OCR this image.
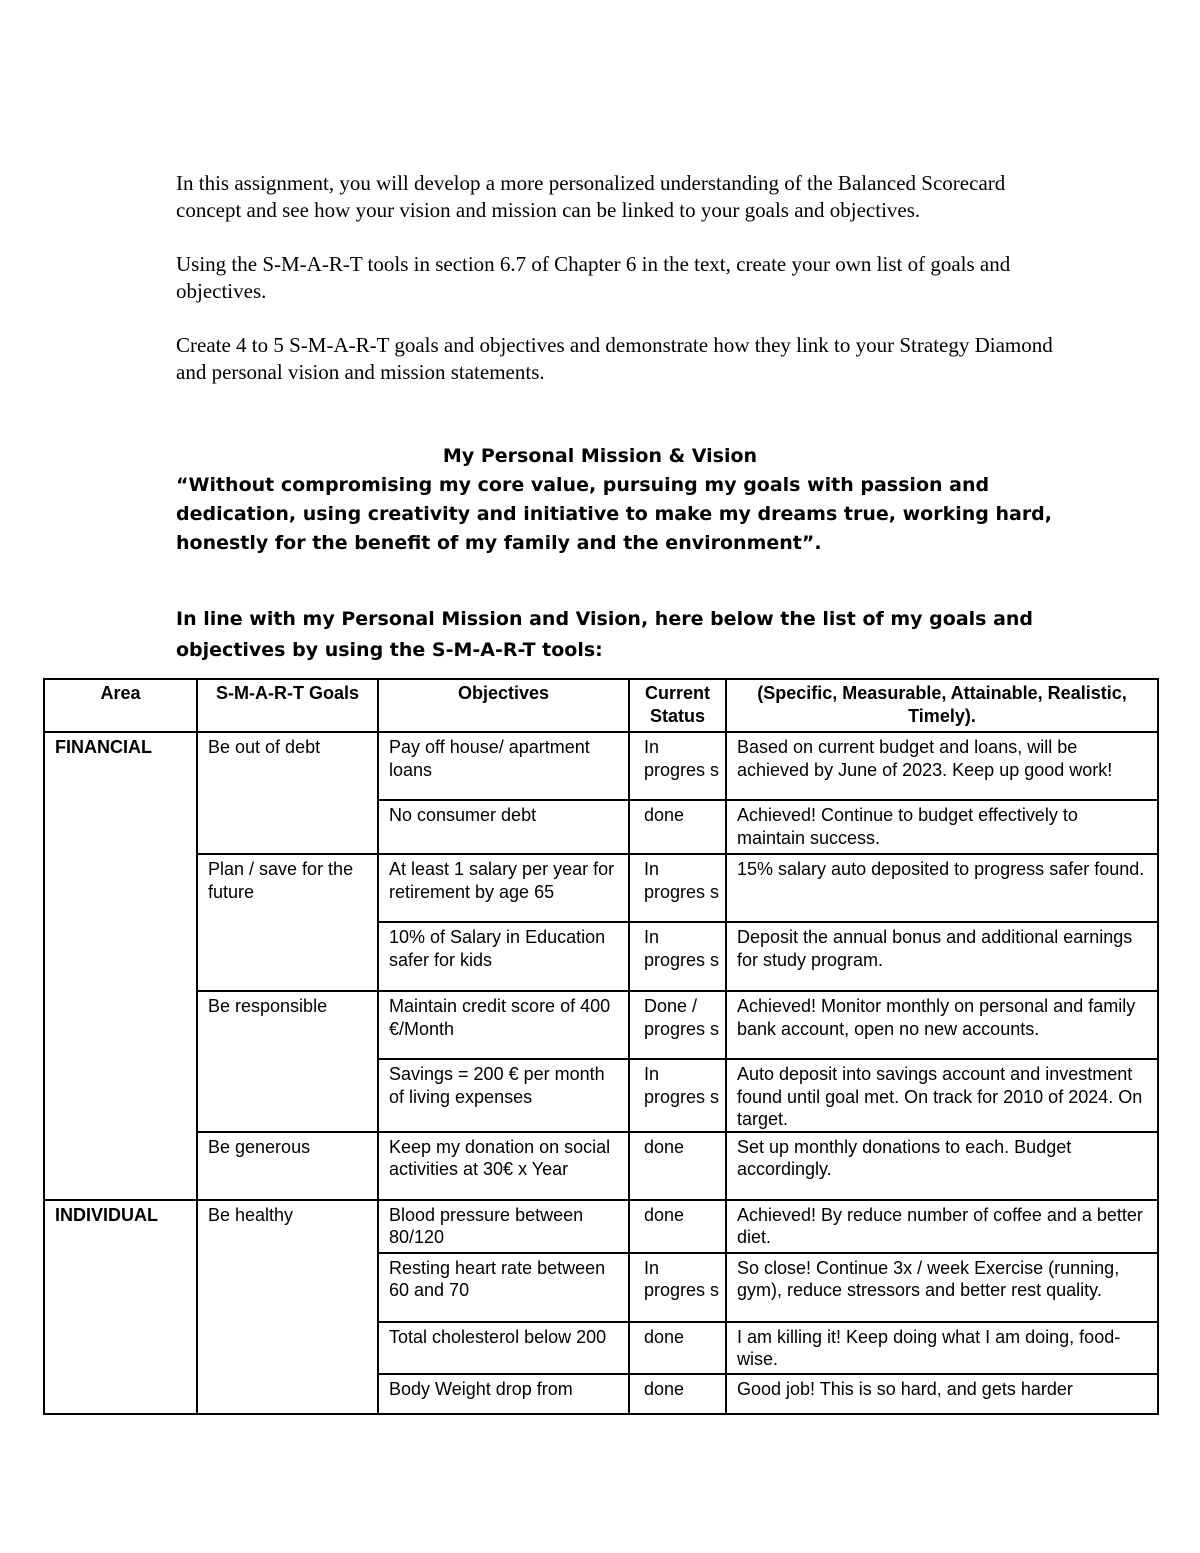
In this assignment, you will develop a more personalized understanding of the Balanced Scorecard concept and see how your vision and mission can be linked to your goals and objectives.

Using the S-M-A-R-T tools in section 6.7 of Chapter 6 in the text, create your own list of goals and objectives.

Create 4 to 5 S-M-A-R-T goals and objectives and demonstrate how they link to your Strategy Diamond and personal vision and mission statements.

My Personal Mission & Vision
“Without compromising my core value, pursuing my goals with passion and dedication, using creativity and initiative to make my dreams true, working hard, honestly for the benefit of my family and the environment”.
In line with my Personal Mission and Vision, here below the list of my goals and objectives by using the S-M-A-R-T tools:
Area	S-M-A-R-T Goals	Objectives	Current Status	(Specific, Measurable, Attainable, Realistic, Timely).
FINANCIAL	Be out of debt	Pay off house/ apartment loans	In progres s	Based on current budget and loans, will be achieved by June of 2023. Keep up good work!
		No consumer debt	done	Achieved! Continue to budget effectively to maintain success.
	Plan / save for the future	At least 1 salary per year for retirement by age 65	In progres s	15% salary auto deposited to progress safer found.
		10% of Salary in Education safer for kids	In progres s	Deposit the annual bonus and additional earnings for study program.
	Be responsible	Maintain credit score of 400 €/Month	Done / progres s	Achieved! Monitor monthly on personal and family bank account, open no new accounts.
		Savings = 200 € per month of living expenses	In progres s	Auto deposit into savings account and investment found until goal met. On track for 2010 of 2024. On target.
	Be generous	Keep my donation on social activities at 30€ x Year	done	Set up monthly donations to each. Budget accordingly.
INDIVIDUAL	Be healthy	Blood pressure between 80/120	done	Achieved! By reduce number of coffee and a better diet.
		Resting heart rate between 60 and 70	In progres s	So close! Continue 3x / week Exercise (running, gym), reduce stressors and better rest quality.
		Total cholesterol below 200	done	I am killing it! Keep doing what I am doing, food-wise.
		Body Weight drop from	done	Good job! This is so hard, and gets harder
